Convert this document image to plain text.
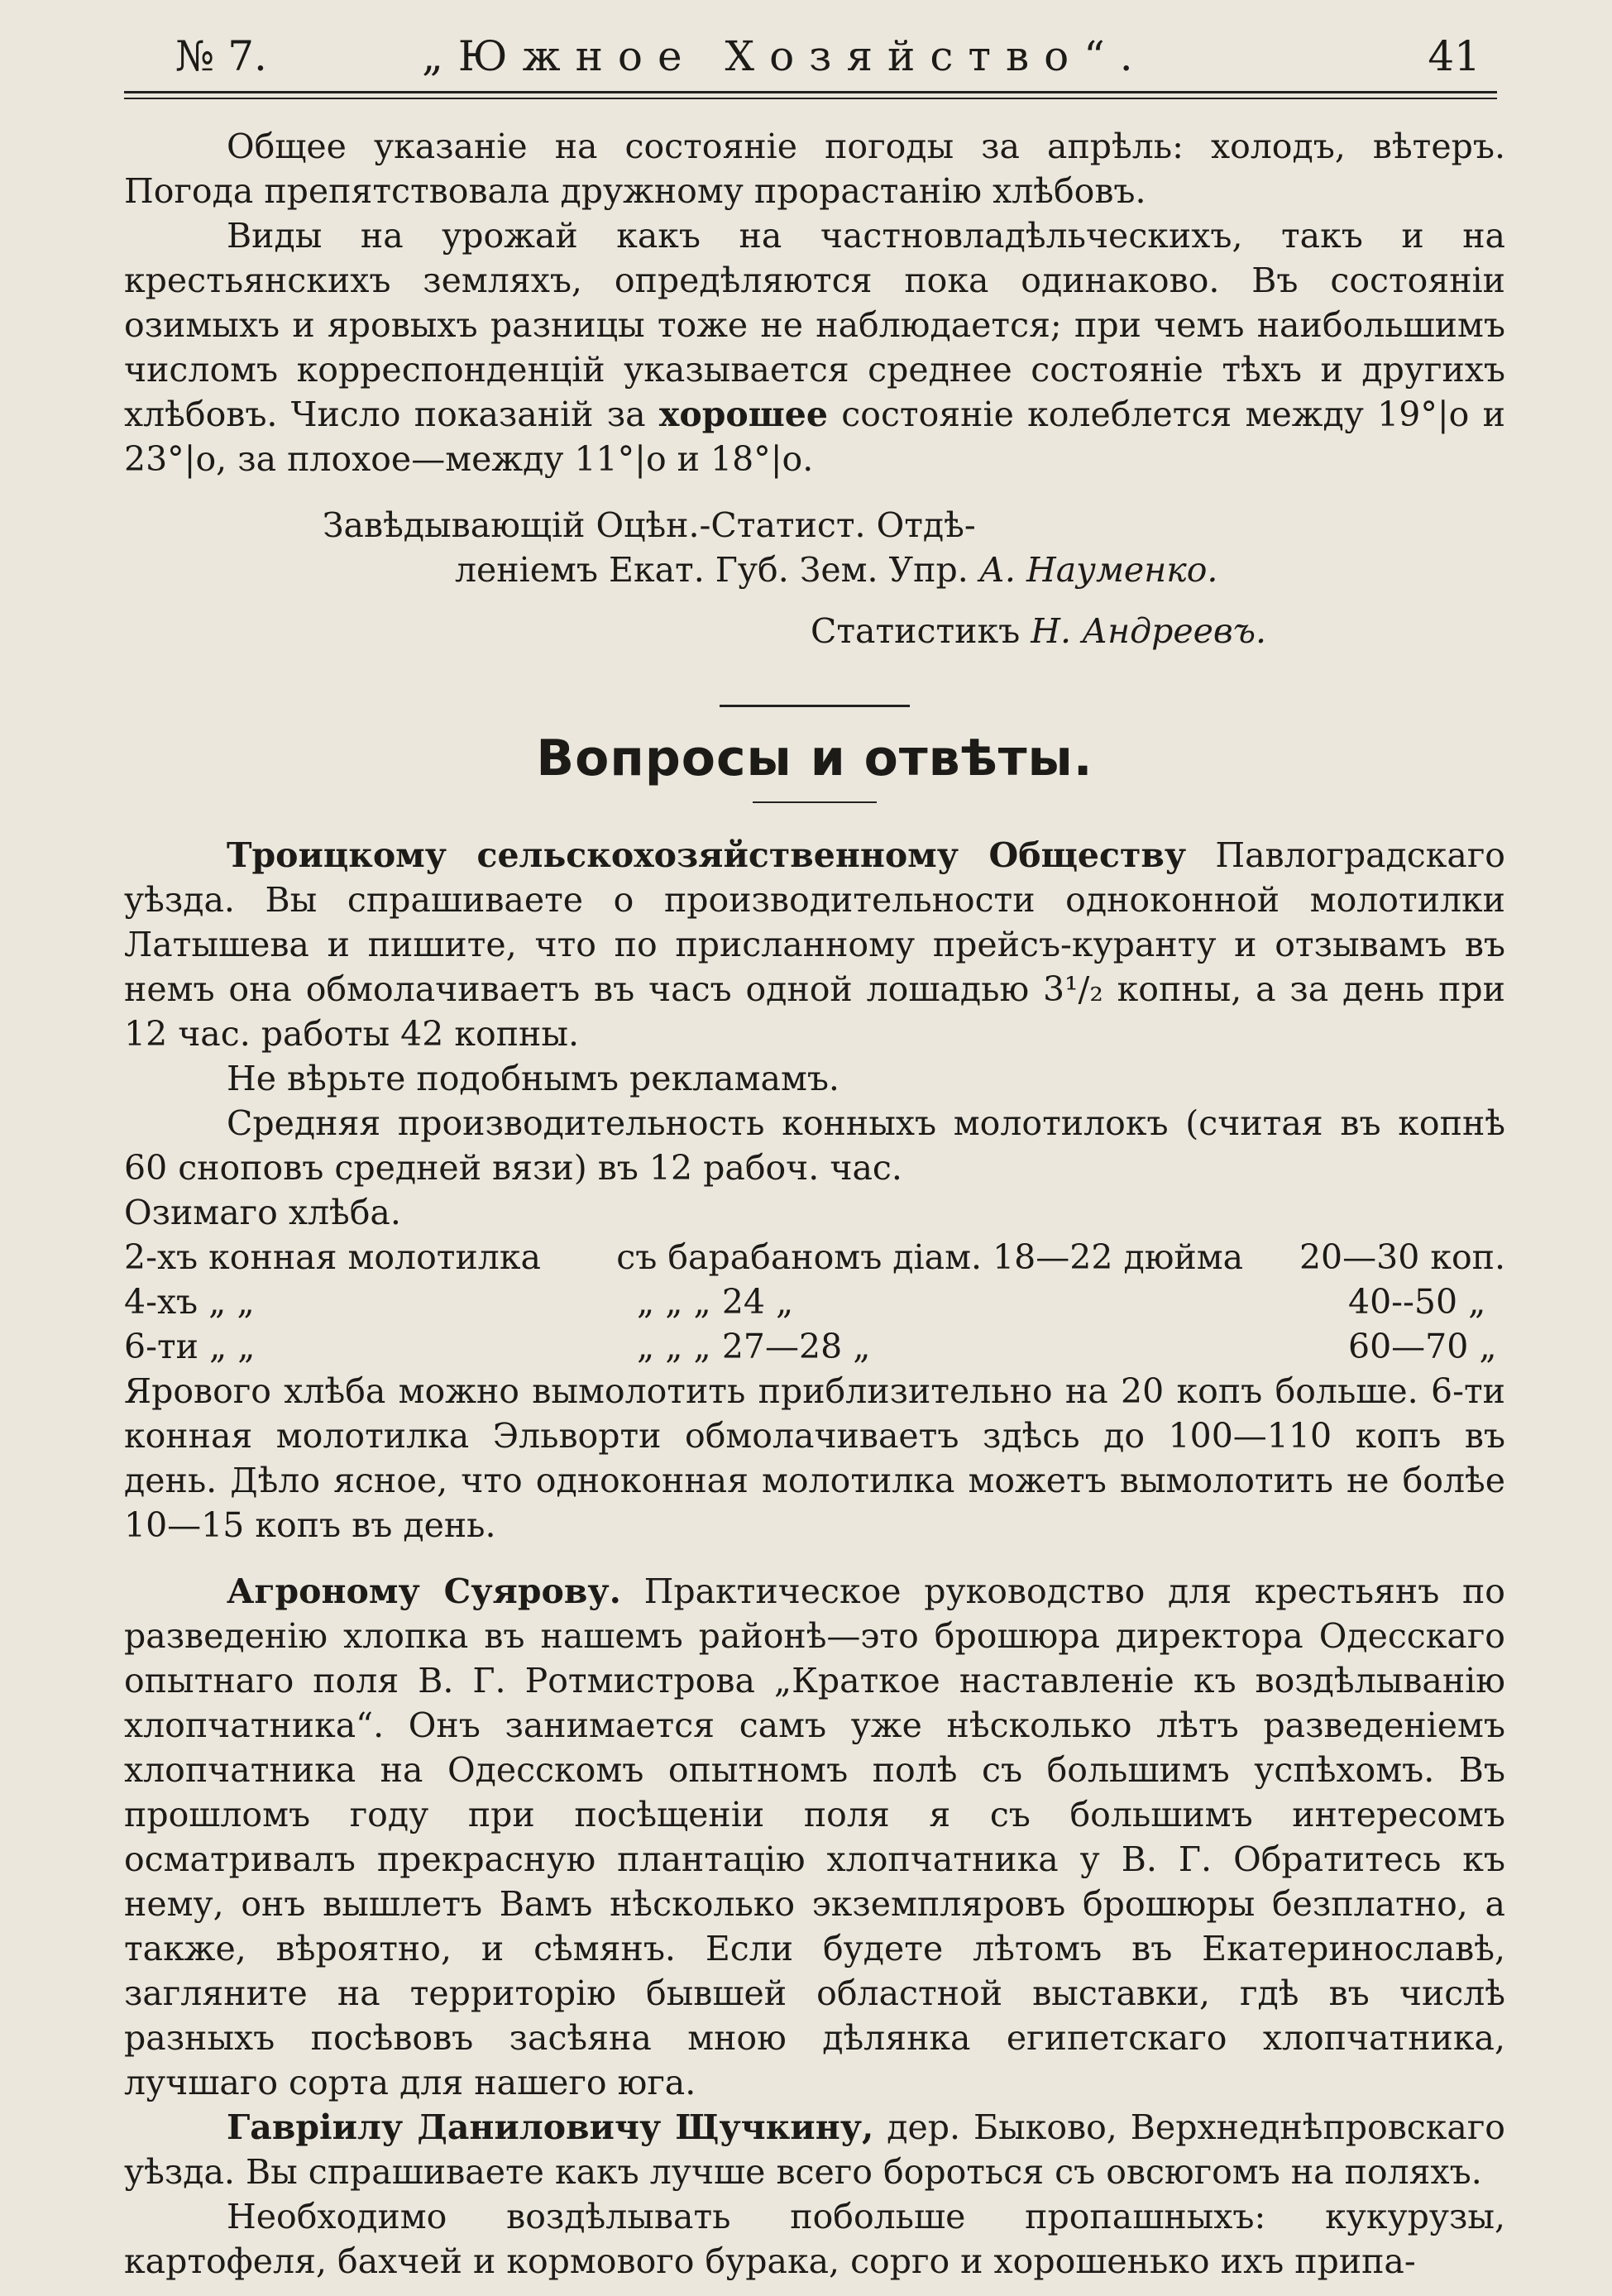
№ 7.	„Южное Хозяйство“.	41

Общее указаніе на состояніе погоды за апрѣль: холодъ, вѣтеръ. Погода препятствовала дружному прорастанію хлѣбовъ.

Виды на урожай какъ на частновладѣльческихъ, такъ и на крестьянскихъ земляхъ, опредѣляются пока одинаково. Въ состояніи озимыхъ и яровыхъ разницы тоже не наблюдается; при чемъ наибольшимъ числомъ корреспонденцій указывается среднее состояніе тѣхъ и другихъ хлѣбовъ. Число показаній за хорошее состояніе колеблется между 19°|о и 23°|о, за плохое—между 11°|о и 18°|о.

Завѣдывающій Оцѣн.-Статист. Отдѣ-

леніемъ Екат. Губ. Зем. Упр. А. Науменко.

Статистикъ Н. Андреевъ.

Вопросы и отвѣты.

Троицкому сельскохозяйственному Обществу Павлоградскаго уѣзда. Вы спрашиваете о производительности одноконной молотилки Латышева и пишите, что по присланному прейсъ-куранту и отзывамъ въ немъ она обмолачиваетъ въ часъ одной лошадью 3¹/₂ копны, а за день при 12 час. работы 42 копны.

Не вѣрьте подобнымъ рекламамъ.

Средняя производительность конныхъ молотилокъ (считая въ копнѣ 60 сноповъ средней вязи) въ 12 рабоч. час.

Озимаго хлѣба.

2-хъ конная молотилка	съ барабаномъ діам. 18—22 дюйма	20—30 коп.
4-хъ „ „	„ „ „ 24 „	40--50 „
6-ти „ „	„ „ „ 27—28 „	60—70 „

Ярового хлѣба можно вымолотить приблизительно на 20 копъ больше. 6-ти конная молотилка Эльворти обмолачиваетъ здѣсь до 100—110 копъ въ день. Дѣло ясное, что одноконная молотилка можетъ вымолотить не болѣе 10—15 копъ въ день.

Агроному Суярову. Практическое руководство для крестьянъ по разведенію хлопка въ нашемъ районѣ—это брошюра директора Одесскаго опытнаго поля В. Г. Ротмистрова „Краткое наставленіе къ воздѣлыванію хлопчатника“. Онъ занимается самъ уже нѣсколько лѣтъ разведеніемъ хлопчатника на Одесскомъ опытномъ полѣ съ большимъ успѣхомъ. Въ прошломъ году при посѣщеніи поля я съ большимъ интересомъ осматривалъ прекрасную плантацію хлопчатника у В. Г. Обратитесь къ нему, онъ вышлетъ Вамъ нѣсколько экземпляровъ брошюры безплатно, а также, вѣроятно, и сѣмянъ. Если будете лѣтомъ въ Екатеринославѣ, загляните на территорію бывшей областной выставки, гдѣ въ числѣ разныхъ посѣвовъ засѣяна мною дѣлянка египетскаго хлопчатника, лучшаго сорта для нашего юга.

Гаврiилу Даниловичу Щучкину, дер. Быково, Верхнеднѣпровскаго уѣзда. Вы спрашиваете какъ лучше всего бороться съ овсюгомъ на поляхъ.

Необходимо воздѣлывать побольше пропашныхъ: кукурузы, картофеля, бахчей и кормового бурака, сорго и хорошенько ихъ припа-
